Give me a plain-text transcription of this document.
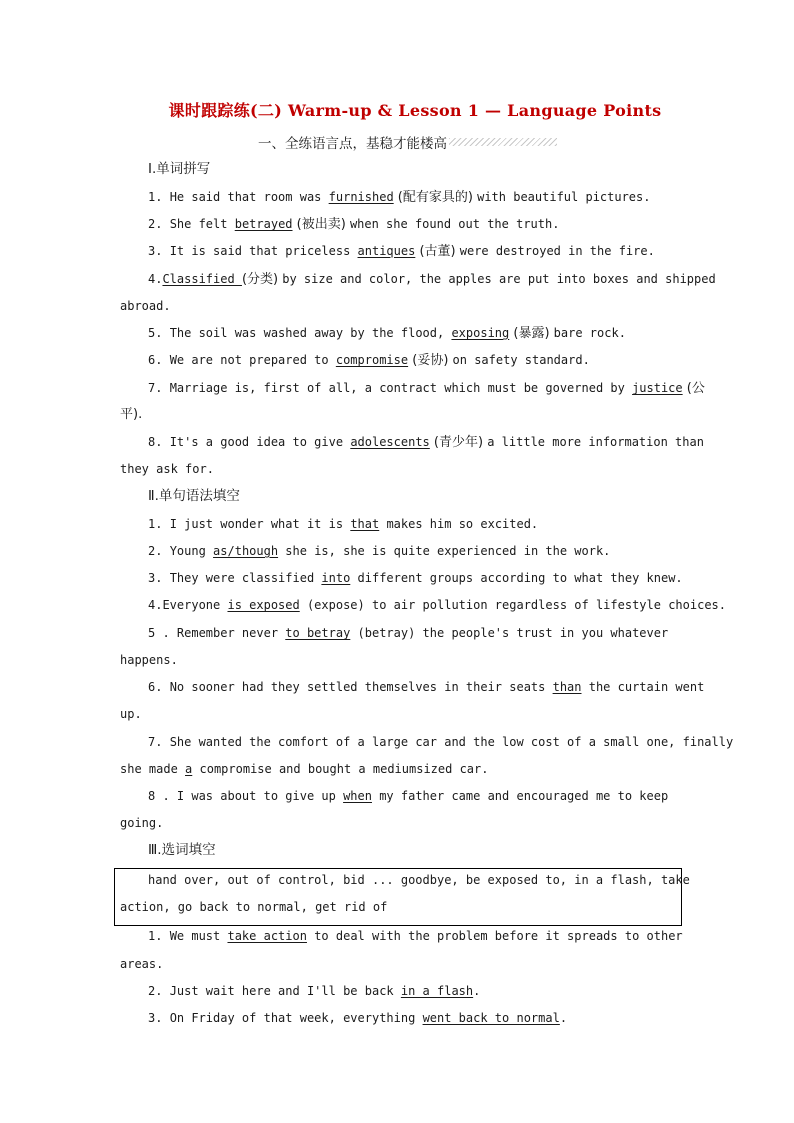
课时跟踪练(二) Warm-up & Lesson 1 — Language Points
一、全练语言点，基稳才能楼高
Ⅰ.单词拼写
1. He said that room was furnished (配有家具的) with beautiful pictures.
2. She felt betrayed (被出卖) when she found out the truth.
3. It is said that priceless antiques (古董) were destroyed in the fire.
4.Classified (分类) by size and color, the apples are put into boxes and shipped
abroad.
5. The soil was washed away by the flood, exposing (暴露) bare rock.
6. We are not prepared to compromise (妥协) on safety standard.
7. Marriage is, first of all, a contract which must be governed by justice (公
平).
8. It's a good idea to give adolescents (青少年) a little more information than
they ask for.
Ⅱ.单句语法填空
1. I just wonder what it is that makes him so excited.
2. Young as/though she is, she is quite experienced in the work.
3. They were classified into different groups according to what they knew.
4.Everyone is exposed (expose) to air pollution regardless of lifestyle choices.
5 . Remember never to betray (betray) the people's trust in you whatever
happens.
6. No sooner had they settled themselves in their seats than the curtain went
up.
7. She wanted the comfort of a large car and the low cost of a small one, finally
she made a compromise and bought a mediumsized car.
8 . I was about to give up when my father came and encouraged me to keep
going.
Ⅲ.选词填空
hand over, out of control, bid ... goodbye, be exposed to, in a flash, take
action, go back to normal, get rid of
1. We must take action to deal with the problem before it spreads to other
areas.
2. Just wait here and I'll be back in a flash.
3. On Friday of that week, everything went back to normal.
